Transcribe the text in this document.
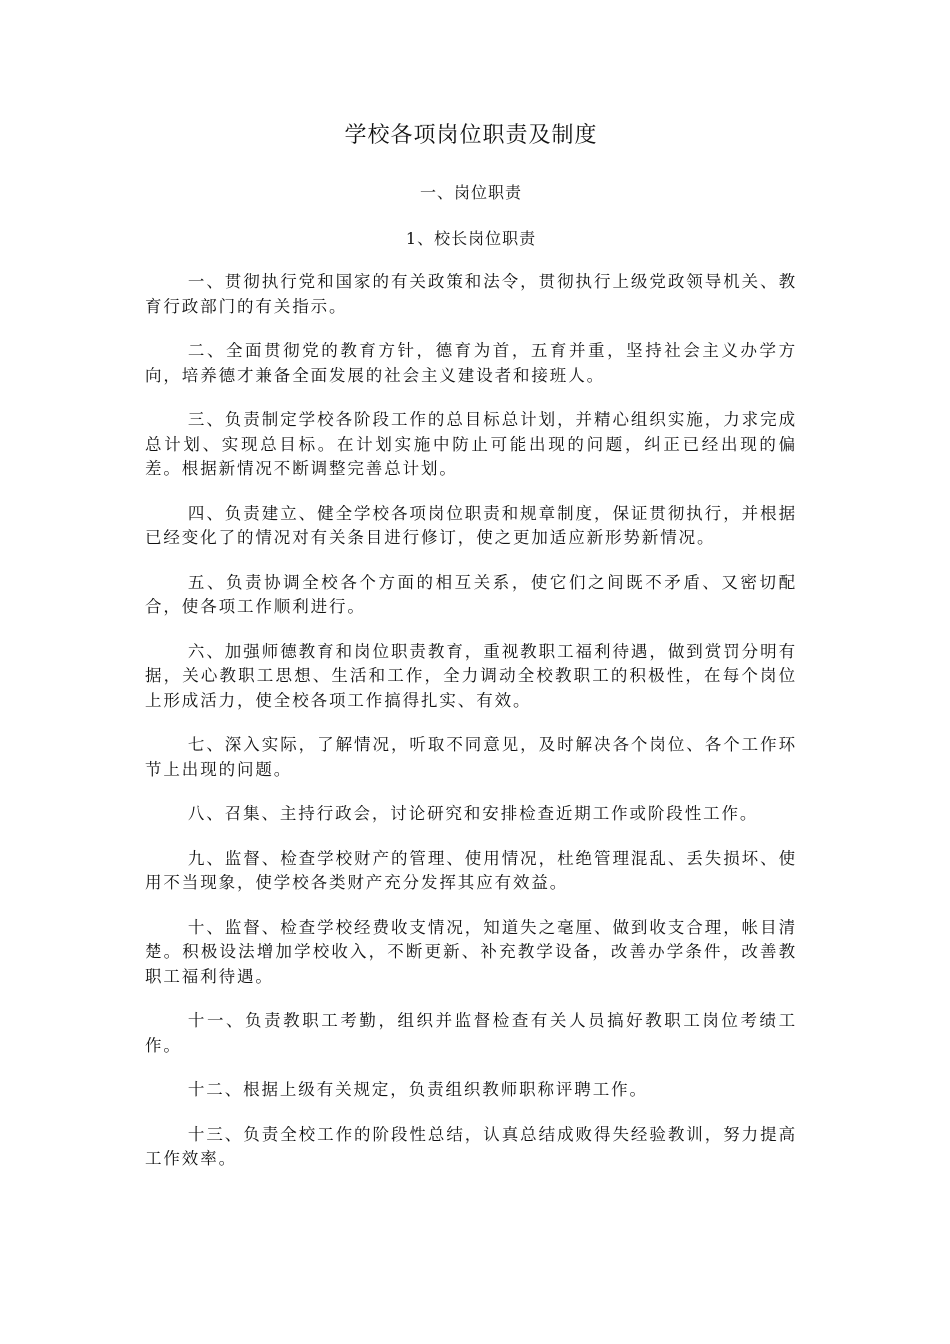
学校各项岗位职责及制度
一、岗位职责
1、校长岗位职责

一、贯彻执行党和国家的有关政策和法令，贯彻执行上级党政领导机关、教育行政部门的有关指示。

二、全面贯彻党的教育方针，德育为首，五育并重，坚持社会主义办学方向，培养德才兼备全面发展的社会主义建设者和接班人。

三、负责制定学校各阶段工作的总目标总计划，并精心组织实施，力求完成总计划、实现总目标。在计划实施中防止可能出现的问题，纠正已经出现的偏差。根据新情况不断调整完善总计划。

四、负责建立、健全学校各项岗位职责和规章制度，保证贯彻执行，并根据已经变化了的情况对有关条目进行修订，使之更加适应新形势新情况。

五、负责协调全校各个方面的相互关系，使它们之间既不矛盾、又密切配合，使各项工作顺利进行。

六、加强师德教育和岗位职责教育，重视教职工福利待遇，做到赏罚分明有据，关心教职工思想、生活和工作，全力调动全校教职工的积极性，在每个岗位上形成活力，使全校各项工作搞得扎实、有效。

七、深入实际，了解情况，听取不同意见，及时解决各个岗位、各个工作环节上出现的问题。

八、召集、主持行政会，讨论研究和安排检查近期工作或阶段性工作。

九、监督、检查学校财产的管理、使用情况，杜绝管理混乱、丢失损坏、使用不当现象，使学校各类财产充分发挥其应有效益。

十、监督、检查学校经费收支情况，知道失之毫厘、做到收支合理，帐目清楚。积极设法增加学校收入，不断更新、补充教学设备，改善办学条件，改善教职工福利待遇。

十一、负责教职工考勤，组织并监督检查有关人员搞好教职工岗位考绩工作。

十二、根据上级有关规定，负责组织教师职称评聘工作。

十三、负责全校工作的阶段性总结，认真总结成败得失经验教训，努力提高工作效率。
